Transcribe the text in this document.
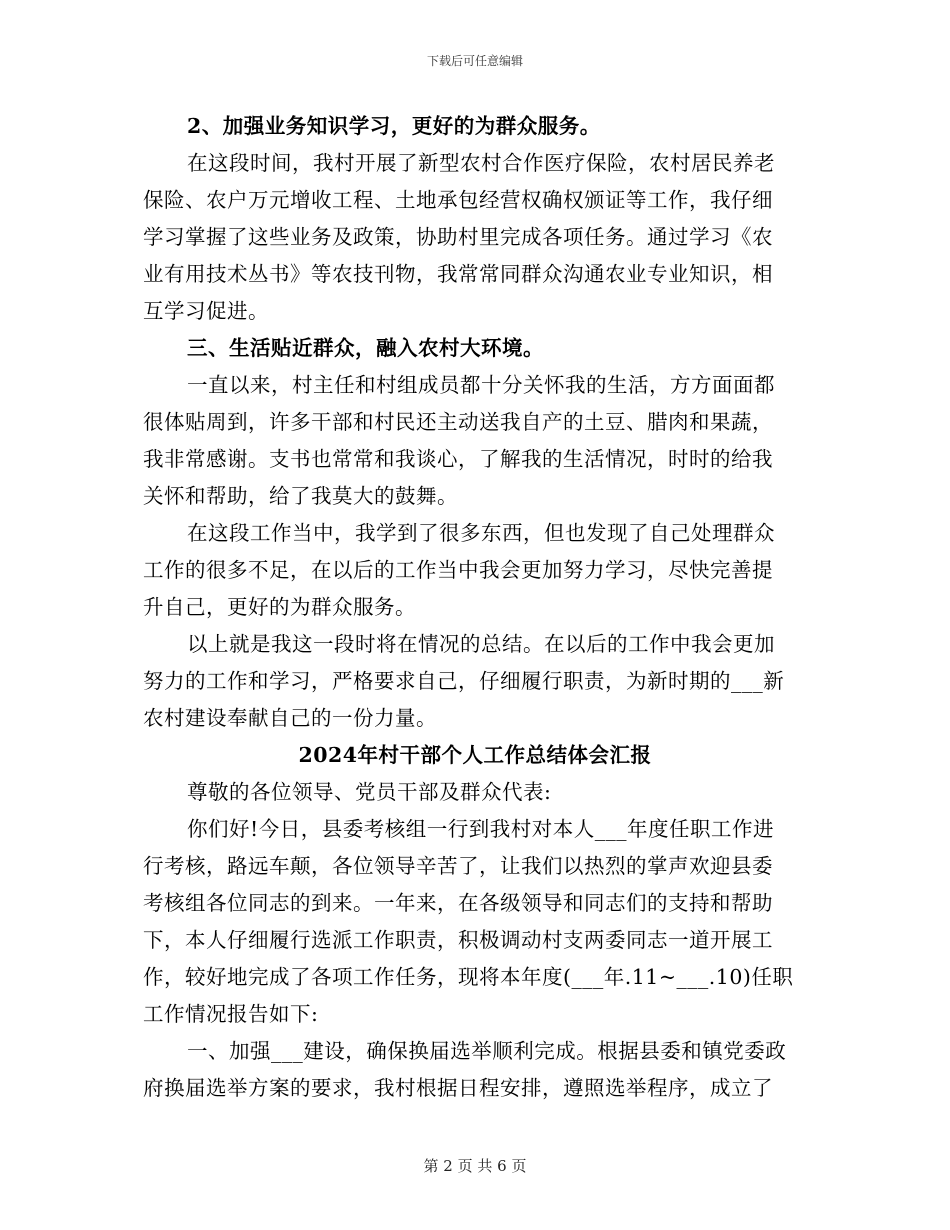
下载后可任意编辑
2、加强业务知识学习，更好的为群众服务。
在这段时间，我村开展了新型农村合作医疗保险，农村居民养老
保险、农户万元增收工程、土地承包经营权确权颁证等工作，我仔细
学习掌握了这些业务及政策，协助村里完成各项任务。通过学习《农
业有用技术丛书》等农技刊物，我常常同群众沟通农业专业知识，相
互学习促进。
三、生活贴近群众，融入农村大环境。
一直以来，村主任和村组成员都十分关怀我的生活，方方面面都
很体贴周到，许多干部和村民还主动送我自产的土豆、腊肉和果蔬，
我非常感谢。支书也常常和我谈心，了解我的生活情况，时时的给我
关怀和帮助，给了我莫大的鼓舞。
在这段工作当中，我学到了很多东西，但也发现了自己处理群众
工作的很多不足，在以后的工作当中我会更加努力学习，尽快完善提
升自己，更好的为群众服务。
以上就是我这一段时将在情况的总结。在以后的工作中我会更加
努力的工作和学习，严格要求自己，仔细履行职责，为新时期的___新
农村建设奉献自己的一份力量。
2024年村干部个人工作总结体会汇报
尊敬的各位领导、党员干部及群众代表:
你们好!今日，县委考核组一行到我村对本人___年度任职工作进
行考核，路远车颠，各位领导辛苦了，让我们以热烈的掌声欢迎县委
考核组各位同志的到来。一年来，在各级领导和同志们的支持和帮助
下，本人仔细履行选派工作职责，积极调动村支两委同志一道开展工
作，较好地完成了各项工作任务，现将本年度(___年.11~___.10)任职
工作情况报告如下:
一、加强___建设，确保换届选举顺利完成。根据县委和镇党委政
府换届选举方案的要求，我村根据日程安排，遵照选举程序，成立了
第 2 页 共 6 页
